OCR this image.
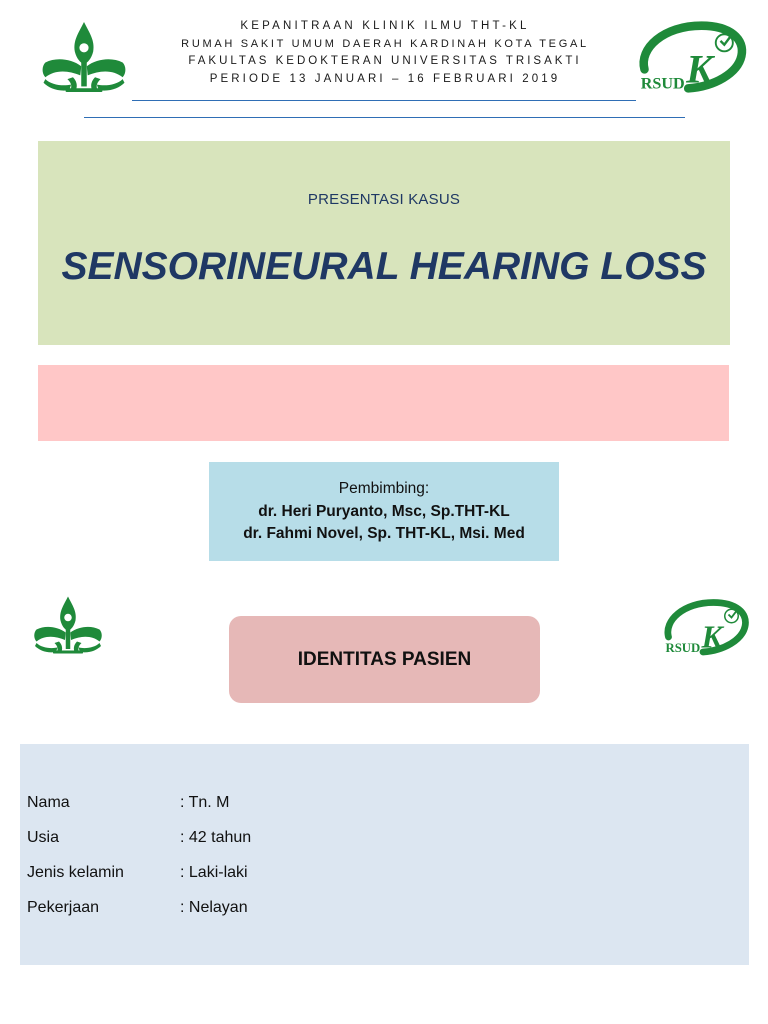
KEPANITRAAN KLINIK ILMU THT-KL
RUMAH SAKIT UMUM DAERAH KARDINAH KOTA TEGAL
FAKULTAS KEDOKTERAN UNIVERSITAS TRISAKTI
PERIODE 13 JANUARI – 16 FEBRUARI 2019
PRESENTASI KASUS
SENSORINEURAL HEARING LOSS
Pembimbing:
dr. Heri Puryanto, Msc, Sp.THT-KL
dr. Fahmi Novel, Sp. THT-KL, Msi. Med
IDENTITAS PASIEN
Nama	: Tn. M
Usia	: 42 tahun
Jenis kelamin	: Laki-laki
Pekerjaan	: Nelayan
